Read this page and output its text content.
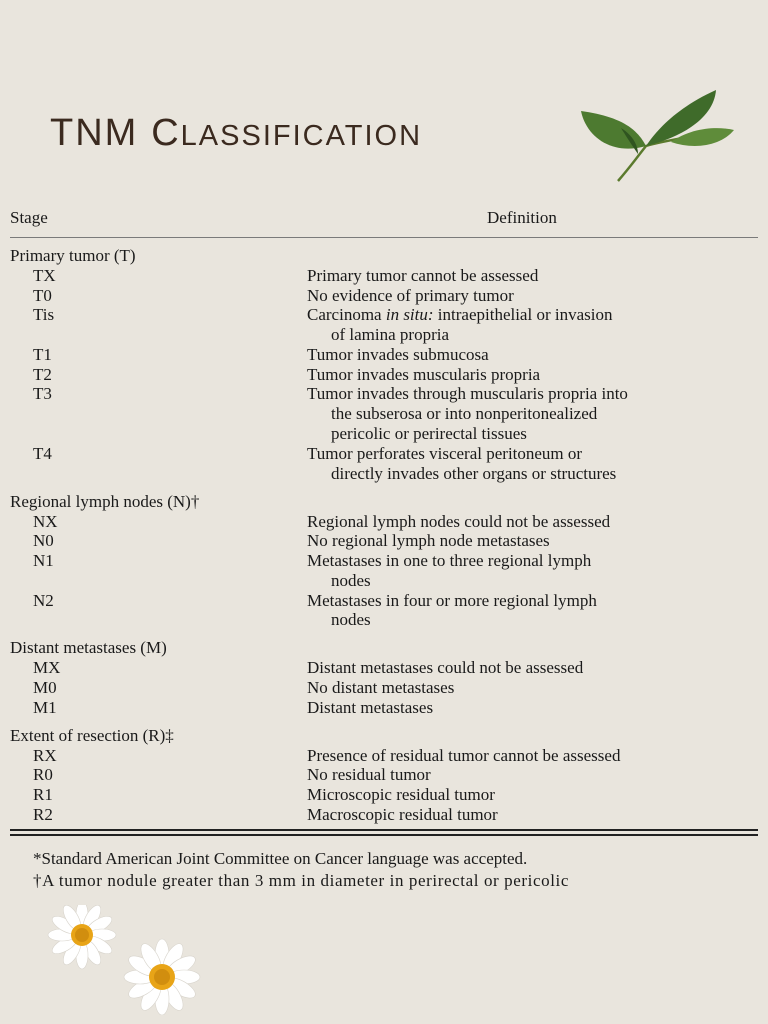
TNM CLASSIFICATION
Stage	Definition
Primary tumor (T)
TX	Primary tumor cannot be assessed
T0	No evidence of primary tumor
Tis	Carcinoma in situ: intraepithelial or invasion
of lamina propria
T1	Tumor invades submucosa
T2	Tumor invades muscularis propria
T3	Tumor invades through muscularis propria into
the subserosa or into nonperitonealized
pericolic or perirectal tissues
T4	Tumor perforates visceral peritoneum or
directly invades other organs or structures
Regional lymph nodes (N)†
NX	Regional lymph nodes could not be assessed
N0	No regional lymph node metastases
N1	Metastases in one to three regional lymph
nodes
N2	Metastases in four or more regional lymph
nodes
Distant metastases (M)
MX	Distant metastases could not be assessed
M0	No distant metastases
M1	Distant metastases
Extent of resection (R)‡
RX	Presence of residual tumor cannot be assessed
R0	No residual tumor
R1	Microscopic residual tumor
R2	Macroscopic residual tumor
*Standard American Joint Committee on Cancer language was accepted.
†A tumor nodule greater than 3 mm in diameter in perirectal or pericolic
